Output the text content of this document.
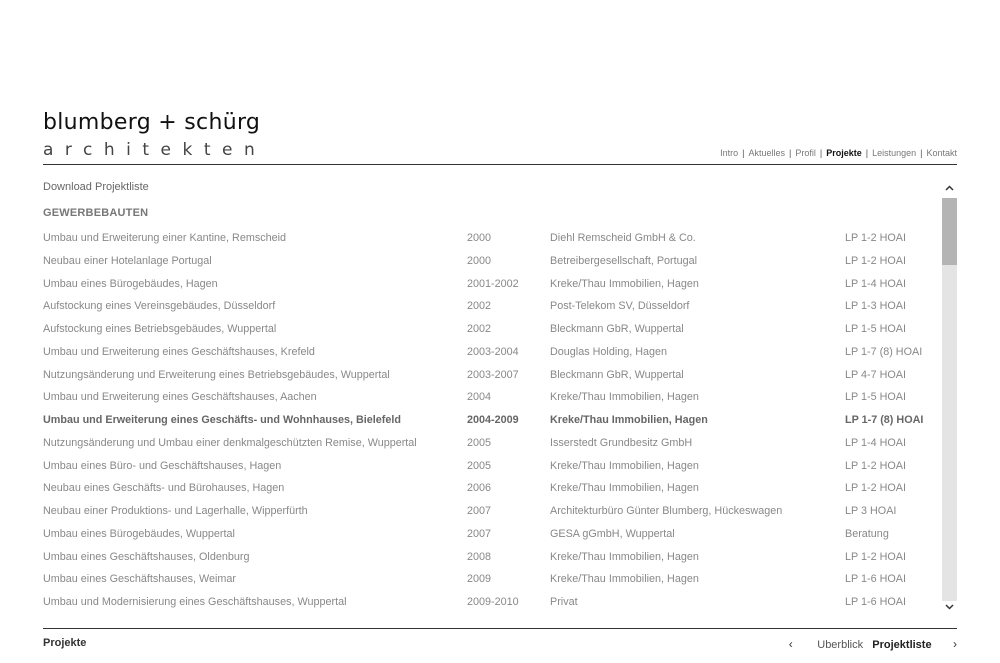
blumberg + schürg
architekten	Intro | Aktuelles | Profil | Projekte | Leistungen | Kontakt
Download Projektliste
GEWERBEBAUTEN
Umbau und Erweiterung einer Kantine, Remscheid	2000	Diehl Remscheid GmbH & Co.	LP 1-2 HOAI
Neubau einer Hotelanlage Portugal	2000	Betreibergesellschaft, Portugal	LP 1-2 HOAI
Umbau eines Bürogebäudes, Hagen	2001-2002	Kreke/Thau Immobilien, Hagen	LP 1-4 HOAI
Aufstockung eines Vereinsgebäudes, Düsseldorf	2002	Post-Telekom SV, Düsseldorf	LP 1-3 HOAI
Aufstockung eines Betriebsgebäudes, Wuppertal	2002	Bleckmann GbR, Wuppertal	LP 1-5 HOAI
Umbau und Erweiterung eines Geschäftshauses, Krefeld	2003-2004	Douglas Holding, Hagen	LP 1-7 (8) HOAI
Nutzungsänderung und Erweiterung eines Betriebsgebäudes, Wuppertal	2003-2007	Bleckmann GbR, Wuppertal	LP 4-7 HOAI
Umbau und Erweiterung eines Geschäftshauses, Aachen	2004	Kreke/Thau Immobilien, Hagen	LP 1-5 HOAI
Umbau und Erweiterung eines Geschäfts- und Wohnhauses, Bielefeld	2004-2009	Kreke/Thau Immobilien, Hagen	LP 1-7 (8) HOAI
Nutzungsänderung und Umbau einer denkmalgeschützten Remise, Wuppertal	2005	Isserstedt Grundbesitz GmbH	LP 1-4 HOAI
Umbau eines Büro- und Geschäftshauses, Hagen	2005	Kreke/Thau Immobilien, Hagen	LP 1-2 HOAI
Neubau eines Geschäfts- und Bürohauses, Hagen	2006	Kreke/Thau Immobilien, Hagen	LP 1-2 HOAI
Neubau einer Produktions- und Lagerhalle, Wipperfürth	2007	Architekturbüro Günter Blumberg, Hückeswagen	LP 3 HOAI
Umbau eines Bürogebäudes, Wuppertal	2007	GESA gGmbH, Wuppertal	Beratung
Umbau eines Geschäftshauses, Oldenburg	2008	Kreke/Thau Immobilien, Hagen	LP 1-2 HOAI
Umbau eines Geschäftshauses, Weimar	2009	Kreke/Thau Immobilien, Hagen	LP 1-6 HOAI
Umbau und Modernisierung eines Geschäftshauses, Wuppertal	2009-2010	Privat	LP 1-6 HOAI
Projekte	‹ Uberblick Projektliste ›
